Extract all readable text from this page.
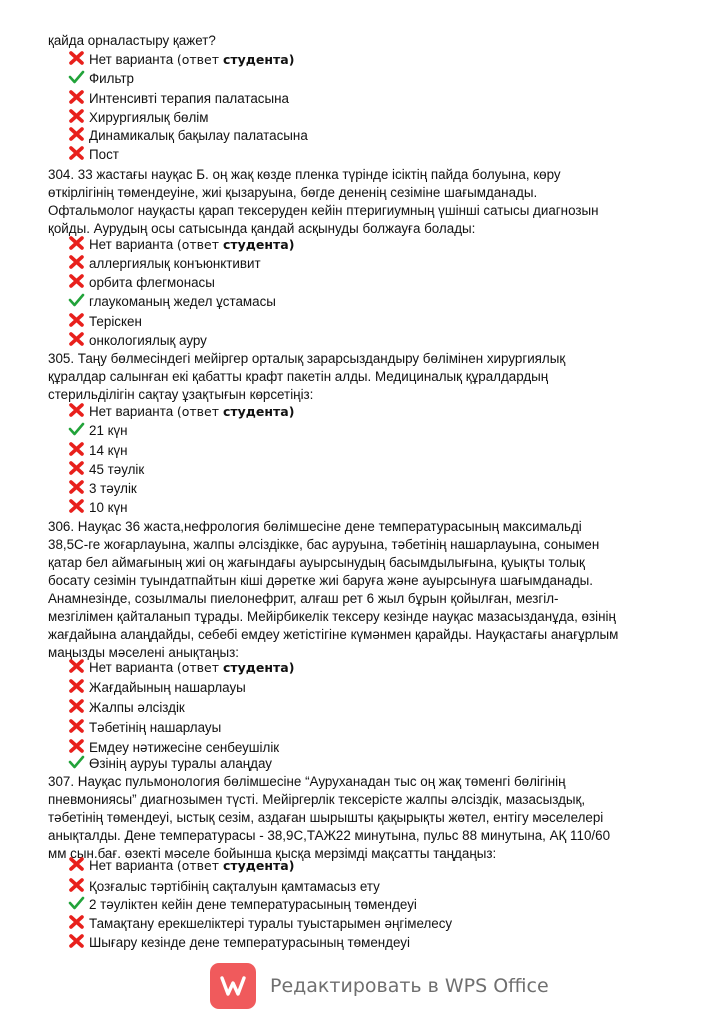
қайда орналастыру қажет?
Нет варианта
(ответ студента)
Фильтр
Интенсивті терапия палатасына
Хирургиялық бөлім
Динамикалық бақылау палатасына
Пост
304. 33 жастағы науқас Б. оң жақ көзде пленка түрінде ісіктің пайда болуына, көру
өткірлігінің төмендеуіне, жиі қызаруына, бөгде дененің сезіміне шағымданады.
Офтальмолог науқасты қарап тексеруден кейін птеригиумның үшінші сатысы диагнозын
қойды. Аурудың осы сатысында қандай асқынуды болжауға болады:
Нет варианта
(ответ студента)
аллергиялық конъюнктивит
орбита флегмонасы
глаукоманың жедел ұстамасы
Теріскен
онкологиялық ауру
305. Таңу бөлмесіндегі мейіргер орталық зарарсыздандыру бөлімінен хирургиялық
құралдар салынған екі қабатты крафт пакетін алды. Медициналық құралдардың
стерильділігін сақтау ұзақтығын көрсетіңіз:
Нет варианта
(ответ студента)
21 күн
14 күн
45 тәулік
3 тәулік
10 күн
306. Науқас 36 жаста,нефрология бөлімшесіне дене температурасының максимальді
38,5С-ге жоғарлауына, жалпы әлсіздікке, бас ауруына, тәбетінің нашарлауына, сонымен
қатар бел аймағының жиі оң жағындағы ауырсынудың басымдылығына, қуықты толық
босату сезімін туындатпайтын кіші дәретке жиі баруға және ауырсынуға шағымданады.
Анамнезінде, созылмалы пиелонефрит, алғаш рет 6 жыл бұрын қойылған, мезгіл-
мезгілімен қайталанып тұрады. Мейірбикелік тексеру кезінде науқас мазасызданұда, өзінің
жағдайына алаңдайды, себебі емдеу жетістігіне күмәнмен қарайды. Науқастағы анағұрлым
маңызды мәселені анықтаңыз:
Нет варианта
(ответ студента)
Жағдайының нашарлауы
Жалпы әлсіздік
Тәбетінің нашарлауы
Емдеу нәтижесіне сенбеушілік
Өзінің ауруы туралы алаңдау
307. Науқас пульмонология бөлімшесіне “Ауруханадан тыс оң жақ төменгі бөлігінің
пневмониясы” диагнозымен түсті. Мейіргерлік тексерісте жалпы әлсіздік, мазасыздық,
тәбетінің төмендеуі, ыстық сезім, аздаған шырышты қақырықты жөтел, ентігу мәселелері
анықталды. Дене температурасы - 38,9С,ТАЖ22 минутына, пульс 88 минутына, АҚ 110/60
мм сын.бағ. өзекті мәселе бойынша қысқа мерзімді мақсатты таңдаңыз:
Нет варианта
(ответ студента)
Қозғалыс тәртібінің сақталуын қамтамасыз ету
2 тәуліктен кейін дене температурасының төмендеуі
Тамақтану ерекшеліктері туралы туыстарымен әңгімелесу
Шығару кезінде дене температурасының төмендеуі
Редактировать в WPS Office
